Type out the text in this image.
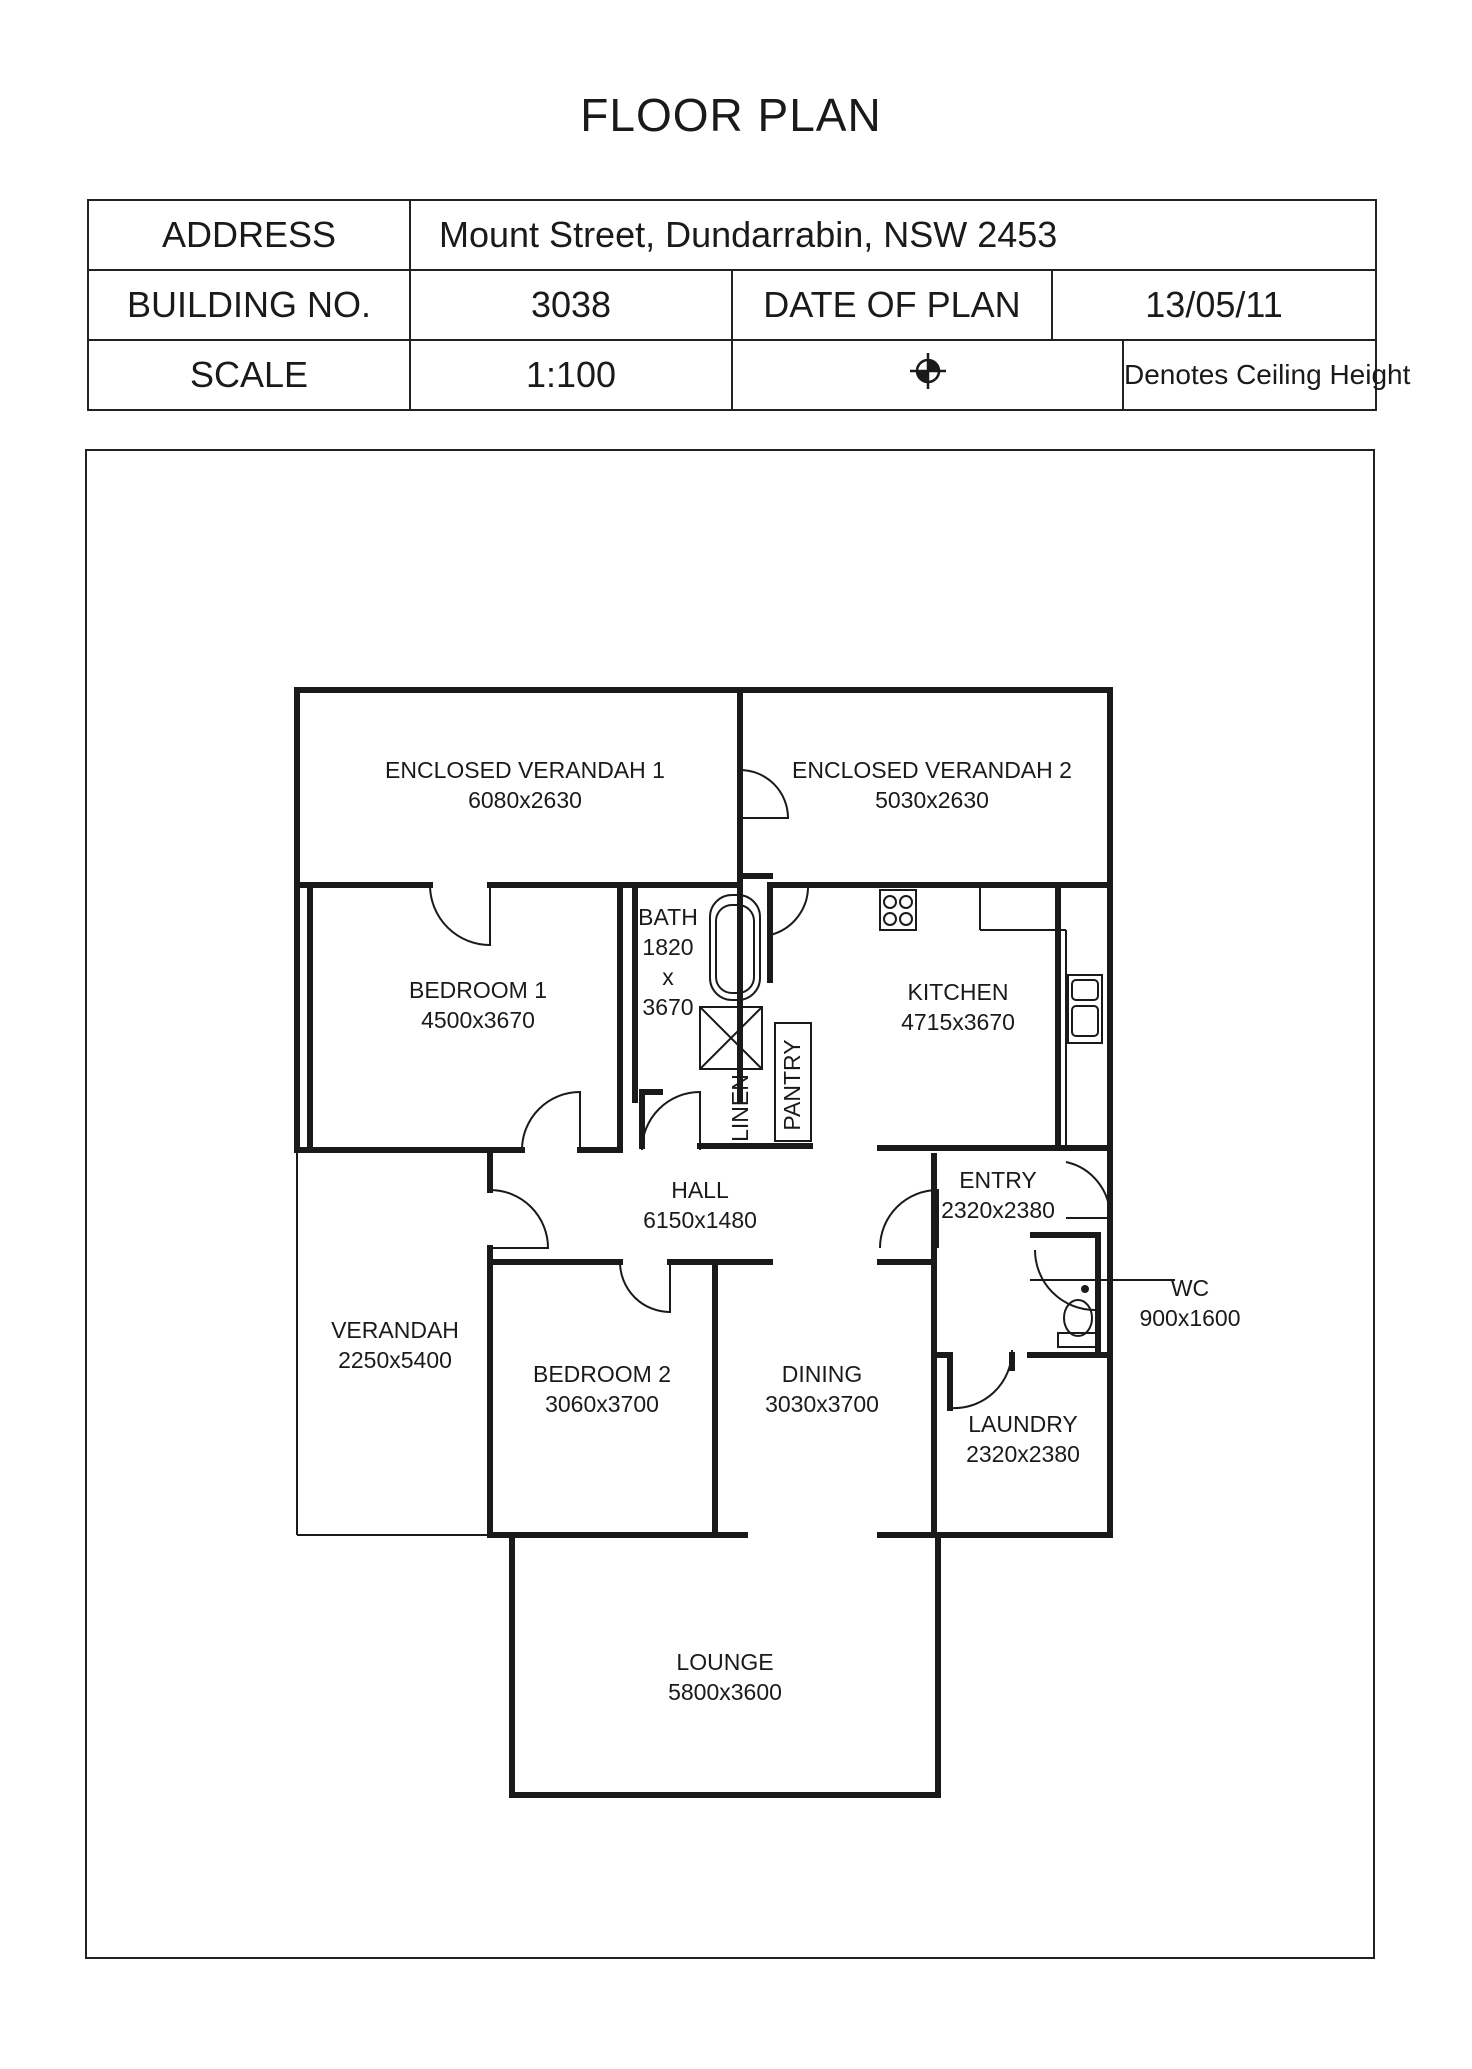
FLOOR PLAN
ADDRESS	Mount Street, Dundarrabin, NSW 2453			
BUILDING NO.	3038	DATE OF PLAN	13/05/11	
SCALE	1:100			Denotes Ceiling Height
ENCLOSED VERANDAH 1
6080x2630
ENCLOSED VERANDAH 2
5030x2630
BEDROOM 1
4500x3670
BATH
1820
x
3670
KITCHEN
4715x3670
LINEN PANTRY
HALL
6150x1480
ENTRY
2320x2380
WC
900x1600
VERANDAH
2250x5400
BEDROOM 2
3060x3700
DINING
3030x3700
LAUNDRY
2320x2380
LOUNGE
5800x3600
